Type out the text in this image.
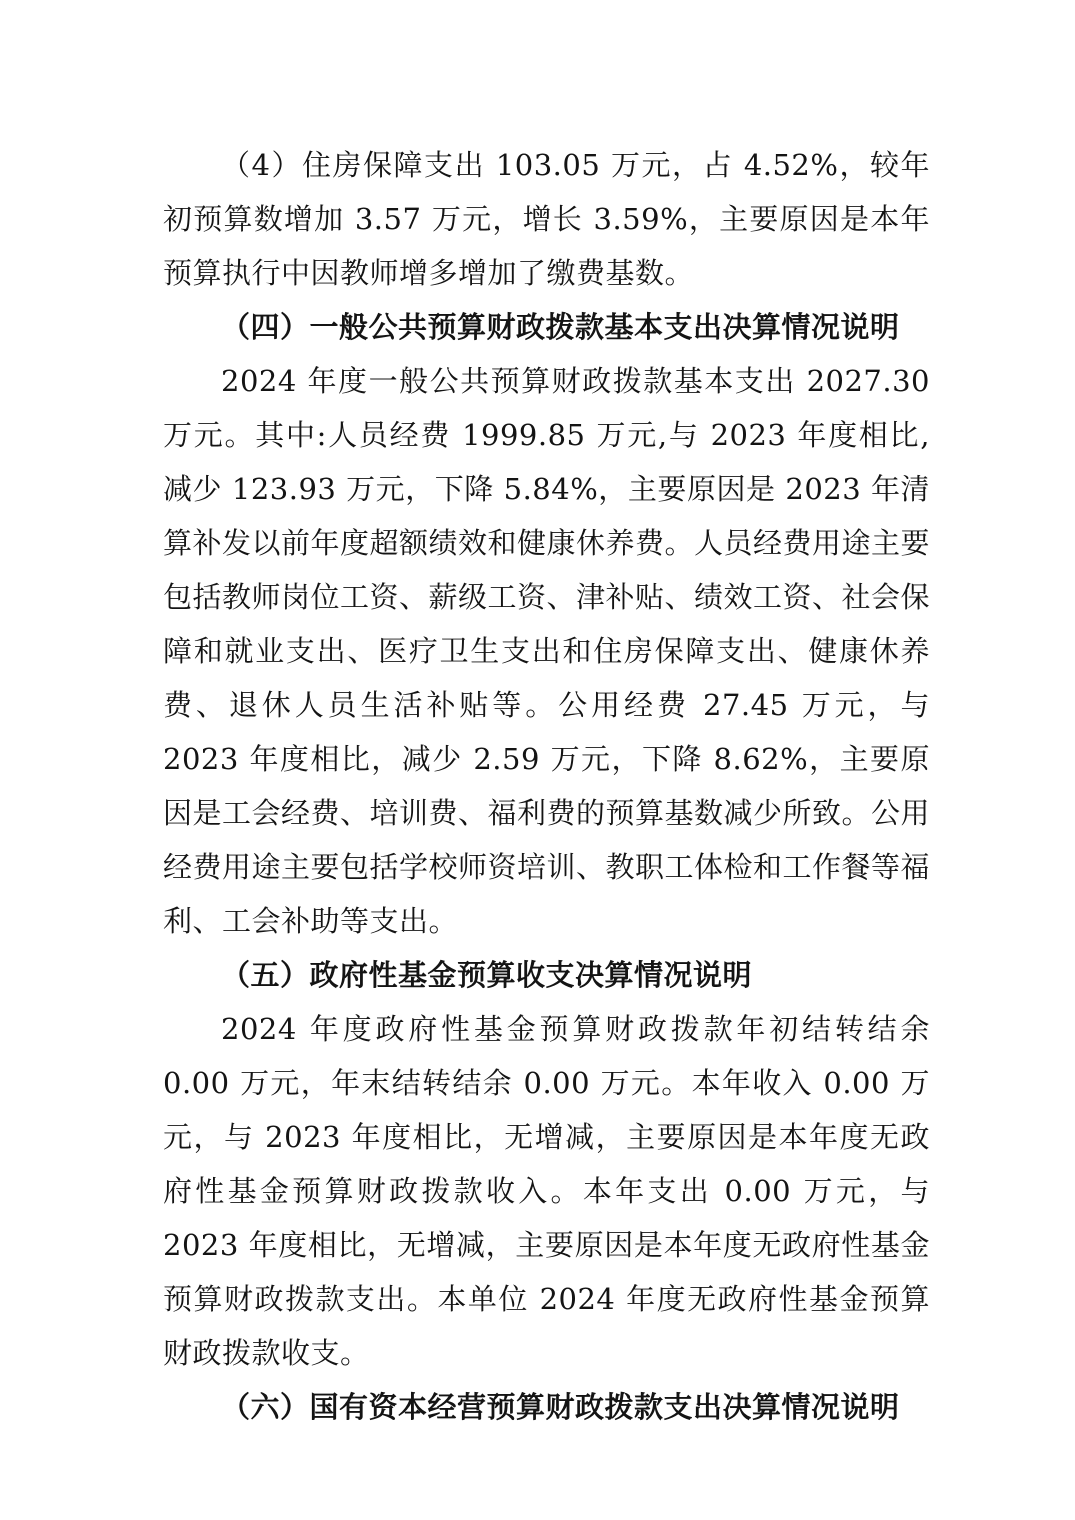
（4）住房保障支出 103.05 万元，占 4.52%，较年初预算数增加 3.57 万元，增长 3.59%，主要原因是本年预算执行中因教师增多增加了缴费基数。

（四）一般公共预算财政拨款基本支出决算情况说明

2024 年度一般公共预算财政拨款基本支出 2027.30 万元。其中:人员经费 1999.85 万元,与 2023 年度相比,减少 123.93 万元，下降 5.84%，主要原因是 2023 年清算补发以前年度超额绩效和健康休养费。人员经费用途主要包括教师岗位工资、薪级工资、津补贴、绩效工资、社会保障和就业支出、医疗卫生支出和住房保障支出、健康休养费、退休人员生活补贴等。公用经费 27.45 万元，与 2023 年度相比，减少 2.59 万元，下降 8.62%，主要原因是工会经费、培训费、福利费的预算基数减少所致。公用经费用途主要包括学校师资培训、教职工体检和工作餐等福利、工会补助等支出。

（五）政府性基金预算收支决算情况说明

2024 年度政府性基金预算财政拨款年初结转结余 0.00 万元，年末结转结余 0.00 万元。本年收入 0.00 万元，与 2023 年度相比，无增减，主要原因是本年度无政府性基金预算财政拨款收入。本年支出 0.00 万元，与 2023 年度相比，无增减，主要原因是本年度无政府性基金预算财政拨款支出。本单位 2024 年度无政府性基金预算财政拨款收支。

（六）国有资本经营预算财政拨款支出决算情况说明
